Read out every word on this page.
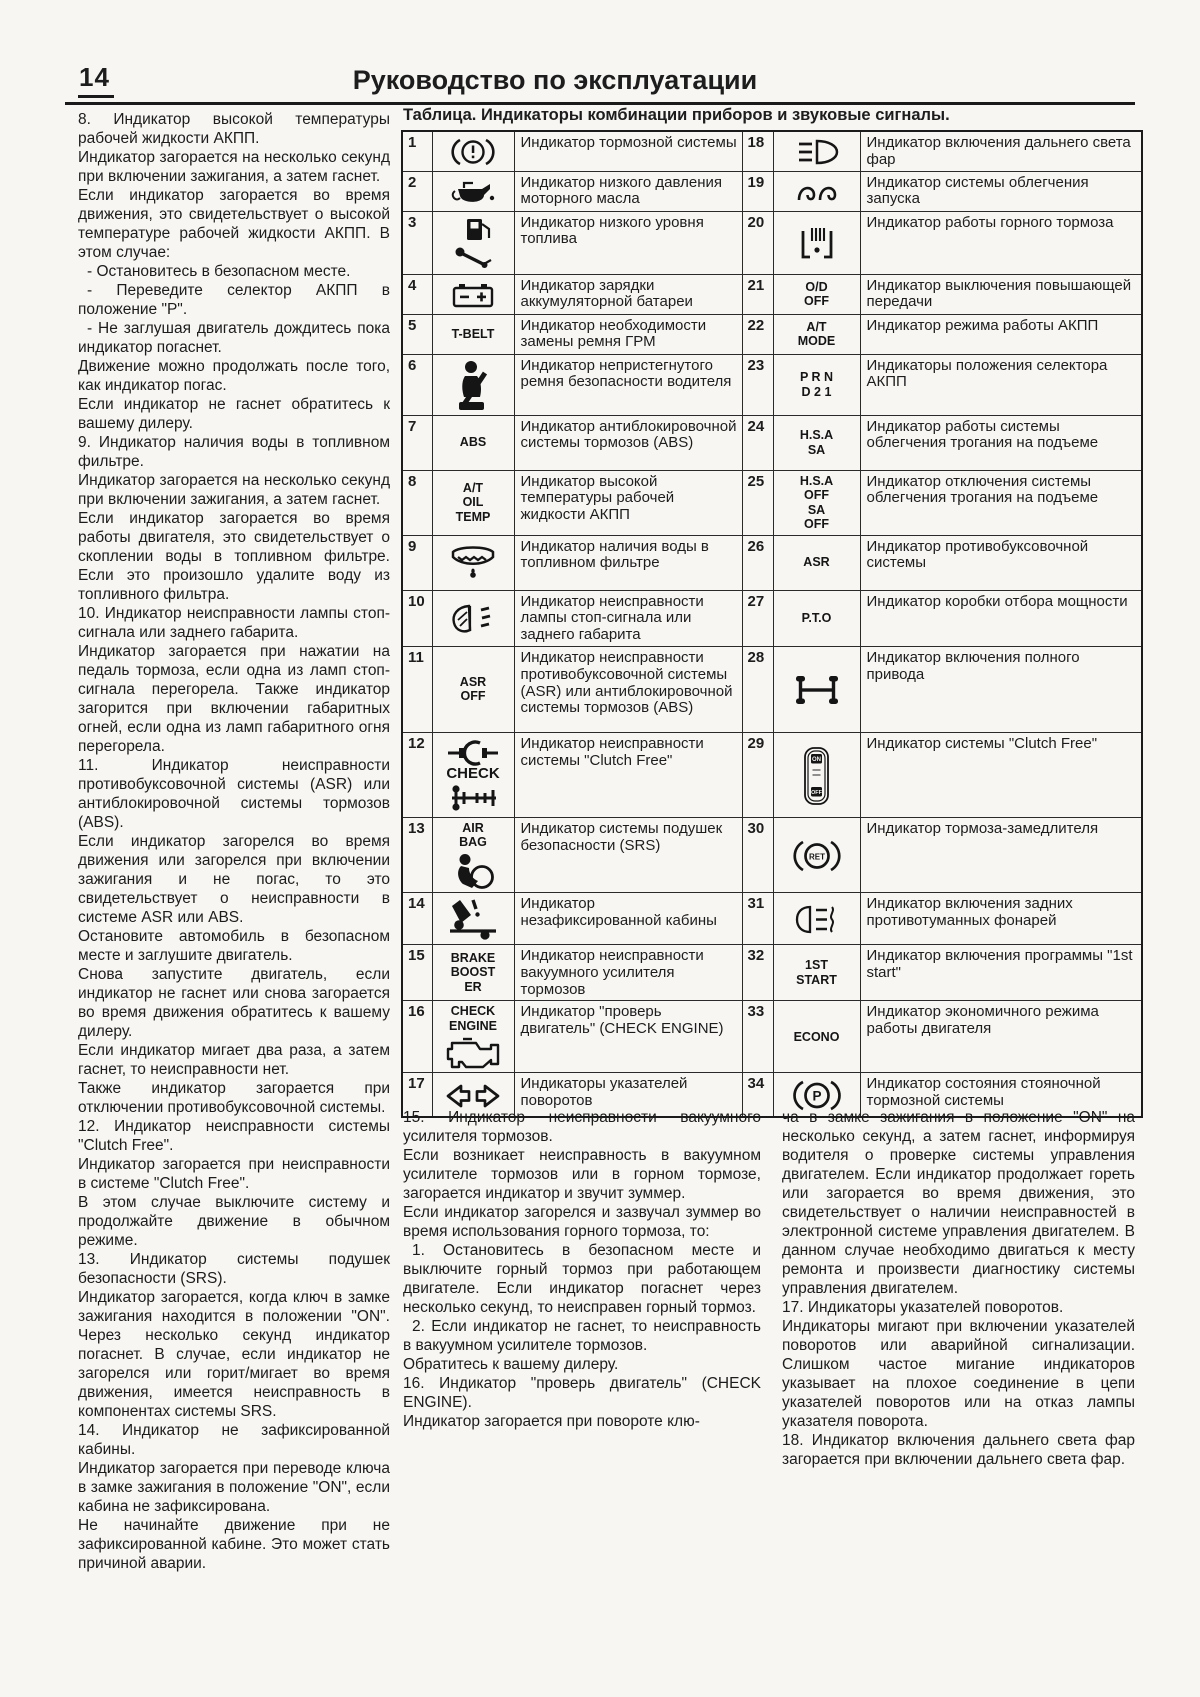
14	Руководство по эксплуатации

8. Индикатор высокой температуры рабочей жидкости АКПП.

Индикатор загорается на несколько секунд при включении зажигания, а затем гаснет.

Если индикатор загорается во время движения, это свидетельствует о высокой температуре рабочей жидкости АКПП. В этом случае:

- Остановитесь в безопасном месте.

- Переведите селектор АКПП в положение "Р".

- Не заглушая двигатель дождитесь пока индикатор погаснет.

Движение можно продолжать после того, как индикатор погас.

Если индикатор не гаснет обратитесь к вашему дилеру.

9. Индикатор наличия воды в топливном фильтре.

Индикатор загорается на несколько секунд при включении зажигания, а затем гаснет.

Если индикатор загорается во время работы двигателя, это свидетельствует о скоплении воды в топливном фильтре. Если это произошло удалите воду из топливного фильтра.

10. Индикатор неисправности лампы стоп-сигнала или заднего габарита.

Индикатор загорается при нажатии на педаль тормоза, если одна из ламп стоп-сигнала перегорела. Также индикатор загорится при включении габаритных огней, если одна из ламп габаритного огня перегорела.

11. Индикатор неисправности противобуксовочной системы (ASR) или антиблокировочной системы тормозов (ABS).

Если индикатор загорелся во время движения или загорелся при включении зажигания и не погас, то это свидетельствует о неисправности в системе ASR или ABS.

Остановите автомобиль в безопасном месте и заглушите двигатель.

Снова запустите двигатель, если индикатор не гаснет или снова загорается во время движения обратитесь к вашему дилеру.

Если индикатор мигает два раза, а затем гаснет, то неисправности нет.

Также индикатор загорается при отключении противобуксовочной системы.

12. Индикатор неисправности системы "Clutch Free".

Индикатор загорается при неисправности в системе "Clutch Free".

В этом случае выключите систему и продолжайте движение в обычном режиме.

13. Индикатор системы подушек безопасности (SRS).

Индикатор загорается, когда ключ в замке зажигания находится в положении "ON". Через несколько секунд индикатор погаснет. В случае, если индикатор не загорелся или горит/мигает во время движения, имеется неисправность в компонентах системы SRS.

14. Индикатор не зафиксированной кабины.

Индикатор загорается при переводе ключа в замке зажигания в положение "ON", если кабина не зафиксирована.

Не начинайте движение при не зафиксированной кабине. Это может стать причиной аварии.

Таблица. Индикаторы комбинации приборов и звуковые сигналы.
1		Индикатор тормозной системы	18		Индикатор включения дальнего света фар
2		Индикатор низкого давления моторного масла	19		Индикатор системы облегчения запуска
3		Индикатор низкого уровня топлива	20		Индикатор работы горного тормоза
4		Индикатор зарядки аккумуляторной батареи	21	O/D
OFF	Индикатор выключения повышающей передачи
5	T-BELT	Индикатор необходимости замены ремня ГРМ	22	A/T
MODE	Индикатор режима работы АКПП
6		Индикатор непристегнутого ремня безопасности водителя	23	P R N
D 2 1	Индикаторы положения селектора АКПП
7	ABS	Индикатор антиблокировочной системы тормозов (ABS)	24	H.S.A
SA	Индикатор работы системы облегчения трогания на подъеме
8	A/T
OIL
TEMP	Индикатор высокой температуры рабочей жидкости АКПП	25	H.S.A
OFF
SA
OFF	Индикатор отключения системы облегчения трогания на подъеме
9		Индикатор наличия воды в топливном фильтре	26	ASR	Индикатор противобуксовочной системы
10		Индикатор неисправности лампы стоп-сигнала или заднего габарита	27	P.T.O	Индикатор коробки отбора мощности
11	ASR
OFF	Индикатор неисправности противобуксовочной системы (ASR) или антиблокировочной системы тормозов (ABS)	28		Индикатор включения полного привода
12	CHECK	Индикатор неисправности системы "Clutch Free"	29	ON
OFF	Индикатор системы "Clutch Free"
13	AIR
BAG	Индикатор системы подушек безопасности (SRS)	30	RET	Индикатор тормоза-замедлителя
14		Индикатор незафиксированной кабины	31		Индикатор включения задних противотуманных фонарей
15	BRAKE
BOOST
ER	Индикатор неисправности вакуумного усилителя тормозов	32	1ST
START	Индикатор включения программы "1st start"
16	CHECK
ENGINE	Индикатор "проверь двигатель" (CHECK ENGINE)	33	ECONO	Индикатор экономичного режима работы двигателя
17		Индикаторы указателей поворотов	34	P	Индикатор состояния стояночной тормозной системы

15. Индикатор неисправности вакуумного усилителя тормозов.

Если возникает неисправность в вакуумном усилителе тормозов или в горном тормозе, загорается индикатор и звучит зуммер.

Если индикатор загорелся и зазвучал зуммер во время использования горного тормоза, то:

1. Остановитесь в безопасном месте и выключите горный тормоз при работающем двигателе. Если индикатор погаснет через несколько секунд, то неисправен горный тормоз.

2. Если индикатор не гаснет, то неисправность в вакуумном усилителе тормозов.

Обратитесь к вашему дилеру.

16. Индикатор "проверь двигатель" (CHECK ENGINE).

Индикатор загорается при повороте клю-

ча в замке зажигания в положение "ON" на несколько секунд, а затем гаснет, информируя водителя о проверке системы управления двигателем. Если индикатор продолжает гореть или загорается во время движения, это свидетельствует о наличии неисправностей в электронной системе управления двигателем. В данном случае необходимо двигаться к месту ремонта и произвести диагностику системы управления двигателем.

17. Индикаторы указателей поворотов.

Индикаторы мигают при включении указателей поворотов или аварийной сигнализации. Слишком частое мигание индикаторов указывает на плохое соединение в цепи указателей поворотов или на отказ лампы указателя поворота.

18. Индикатор включения дальнего света фар загорается при включении дальнего света фар.
